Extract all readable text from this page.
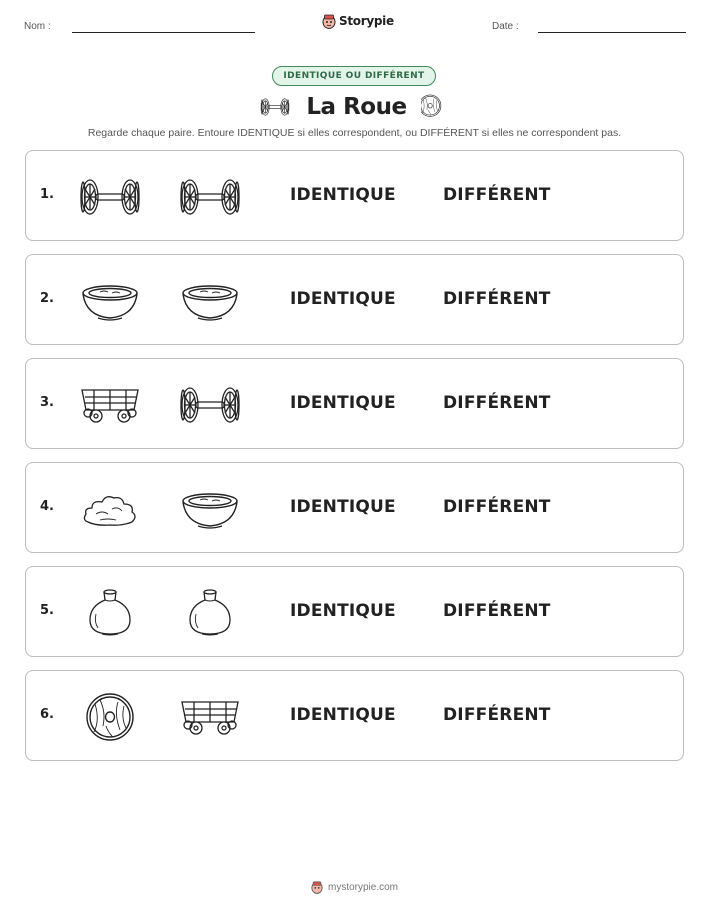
Nom :	Storypie	Date :
IDENTIQUE OU DIFFÉRENT
La Roue
Regarde chaque paire. Entoure IDENTIQUE si elles correspondent, ou DIFFÉRENT si elles ne correspondent pas.
1.	IDENTIQUE	DIFFÉRENT
2.	IDENTIQUE	DIFFÉRENT
3.	IDENTIQUE	DIFFÉRENT
4.	IDENTIQUE	DIFFÉRENT
5.	IDENTIQUE	DIFFÉRENT
6.	IDENTIQUE	DIFFÉRENT
mystorypie.com
